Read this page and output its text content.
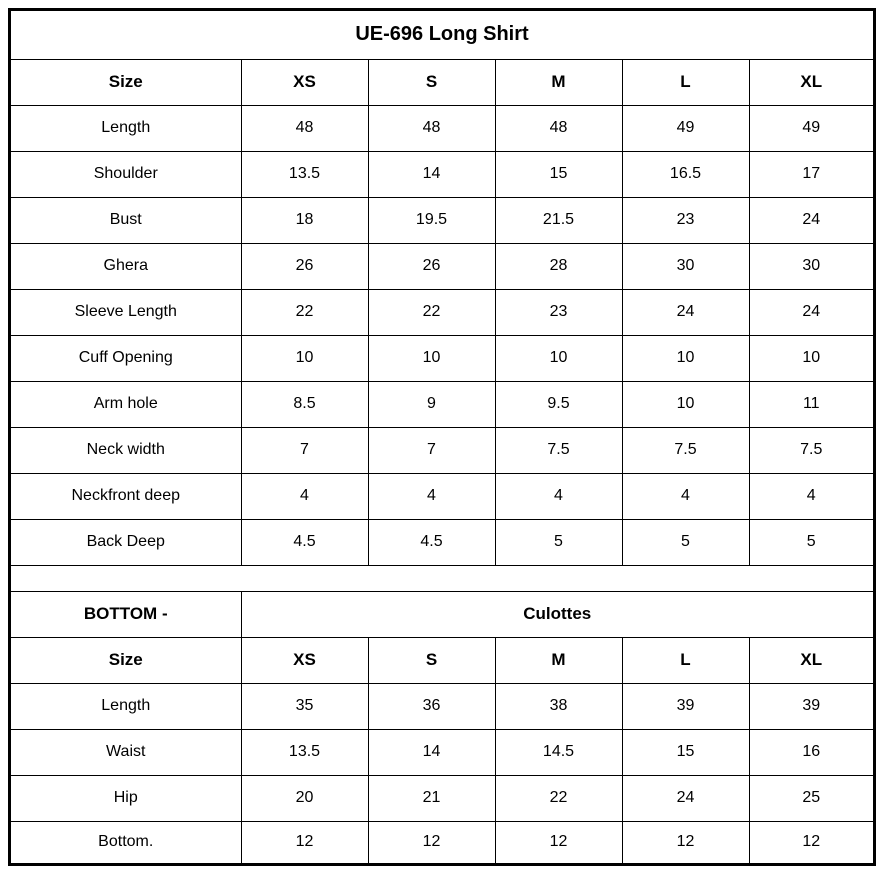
UE-696 Long Shirt					
Size	XS	S	M	L	XL
Length	48	48	48	49	49
Shoulder	13.5	14	15	16.5	17
Bust	18	19.5	21.5	23	24
Ghera	26	26	28	30	30
Sleeve Length	22	22	23	24	24
Cuff Opening	10	10	10	10	10
Arm hole	8.5	9	9.5	10	11
Neck width	7	7	7.5	7.5	7.5
Neckfront deep	4	4	4	4	4
Back Deep	4.5	4.5	5	5	5

BOTTOM -	Culottes				
Size	XS	S	M	L	XL
Length	35	36	38	39	39
Waist	13.5	14	14.5	15	16
Hip	20	21	22	24	25
Bottom.	12	12	12	12	12
